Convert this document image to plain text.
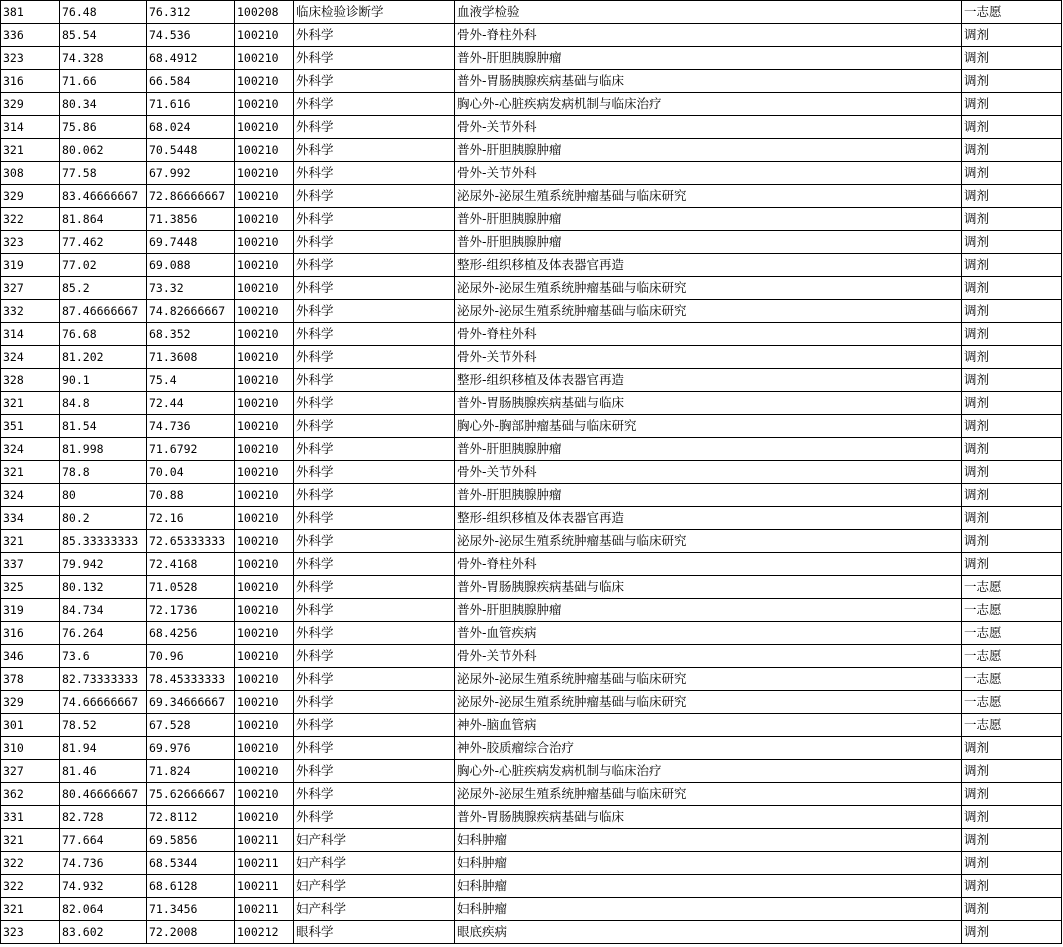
381	76.48	76.312	100208	临床检验诊断学	血液学检验	一志愿
336	85.54	74.536	100210	外科学	骨外-脊柱外科	调剂
323	74.328	68.4912	100210	外科学	普外-肝胆胰腺肿瘤	调剂
316	71.66	66.584	100210	外科学	普外-胃肠胰腺疾病基础与临床	调剂
329	80.34	71.616	100210	外科学	胸心外-心脏疾病发病机制与临床治疗	调剂
314	75.86	68.024	100210	外科学	骨外-关节外科	调剂
321	80.062	70.5448	100210	外科学	普外-肝胆胰腺肿瘤	调剂
308	77.58	67.992	100210	外科学	骨外-关节外科	调剂
329	83.46666667	72.86666667	100210	外科学	泌尿外-泌尿生殖系统肿瘤基础与临床研究	调剂
322	81.864	71.3856	100210	外科学	普外-肝胆胰腺肿瘤	调剂
323	77.462	69.7448	100210	外科学	普外-肝胆胰腺肿瘤	调剂
319	77.02	69.088	100210	外科学	整形-组织移植及体表器官再造	调剂
327	85.2	73.32	100210	外科学	泌尿外-泌尿生殖系统肿瘤基础与临床研究	调剂
332	87.46666667	74.82666667	100210	外科学	泌尿外-泌尿生殖系统肿瘤基础与临床研究	调剂
314	76.68	68.352	100210	外科学	骨外-脊柱外科	调剂
324	81.202	71.3608	100210	外科学	骨外-关节外科	调剂
328	90.1	75.4	100210	外科学	整形-组织移植及体表器官再造	调剂
321	84.8	72.44	100210	外科学	普外-胃肠胰腺疾病基础与临床	调剂
351	81.54	74.736	100210	外科学	胸心外-胸部肿瘤基础与临床研究	调剂
324	81.998	71.6792	100210	外科学	普外-肝胆胰腺肿瘤	调剂
321	78.8	70.04	100210	外科学	骨外-关节外科	调剂
324	80	70.88	100210	外科学	普外-肝胆胰腺肿瘤	调剂
334	80.2	72.16	100210	外科学	整形-组织移植及体表器官再造	调剂
321	85.33333333	72.65333333	100210	外科学	泌尿外-泌尿生殖系统肿瘤基础与临床研究	调剂
337	79.942	72.4168	100210	外科学	骨外-脊柱外科	调剂
325	80.132	71.0528	100210	外科学	普外-胃肠胰腺疾病基础与临床	一志愿
319	84.734	72.1736	100210	外科学	普外-肝胆胰腺肿瘤	一志愿
316	76.264	68.4256	100210	外科学	普外-血管疾病	一志愿
346	73.6	70.96	100210	外科学	骨外-关节外科	一志愿
378	82.73333333	78.45333333	100210	外科学	泌尿外-泌尿生殖系统肿瘤基础与临床研究	一志愿
329	74.66666667	69.34666667	100210	外科学	泌尿外-泌尿生殖系统肿瘤基础与临床研究	一志愿
301	78.52	67.528	100210	外科学	神外-脑血管病	一志愿
310	81.94	69.976	100210	外科学	神外-胶质瘤综合治疗	调剂
327	81.46	71.824	100210	外科学	胸心外-心脏疾病发病机制与临床治疗	调剂
362	80.46666667	75.62666667	100210	外科学	泌尿外-泌尿生殖系统肿瘤基础与临床研究	调剂
331	82.728	72.8112	100210	外科学	普外-胃肠胰腺疾病基础与临床	调剂
321	77.664	69.5856	100211	妇产科学	妇科肿瘤	调剂
322	74.736	68.5344	100211	妇产科学	妇科肿瘤	调剂
322	74.932	68.6128	100211	妇产科学	妇科肿瘤	调剂
321	82.064	71.3456	100211	妇产科学	妇科肿瘤	调剂
323	83.602	72.2008	100212	眼科学	眼底疾病	调剂
